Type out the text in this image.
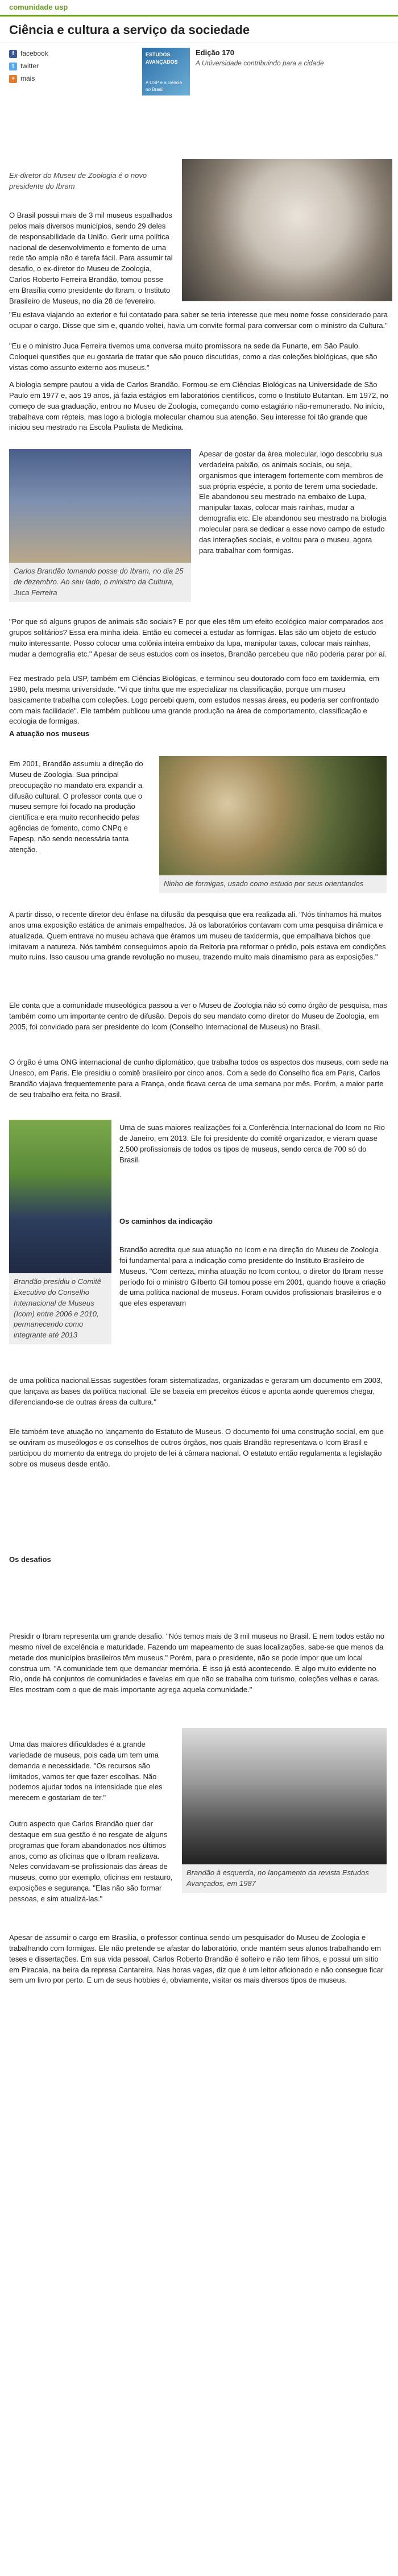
comunidade usp
Ciência e cultura a serviço da sociedade
f facebook
t twitter
+ mais
ESTUDOS AVANÇADOS
A USP e a ciência no Brasil
Edição 170
A Universidade contribuindo para a cidade
Ex-diretor do Museu de Zoologia é o novo presidente do Ibram

O Brasil possui mais de 3 mil museus espalhados pelos mais diversos municípios, sendo 29 deles de responsabilidade da União. Gerir uma política nacional de desenvolvimento e fomento de uma rede tão ampla não é tarefa fácil. Para assumir tal desafio, o ex-diretor do Museu de Zoologia, Carlos Roberto Ferreira Brandão, tomou posse em Brasília como presidente do Ibram, o Instituto Brasileiro de Museus, no dia 28 de fevereiro.

"Eu estava viajando ao exterior e fui contatado para saber se teria interesse que meu nome fosse considerado para ocupar o cargo. Disse que sim e, quando voltei, havia um convite formal para conversar com o ministro da Cultura."

"Eu e o ministro Juca Ferreira tivemos uma conversa muito promissora na sede da Funarte, em São Paulo. Coloquei questões que eu gostaria de tratar que são pouco discutidas, como a das coleções biológicas, que são vistas como assunto externo aos museus."

A biologia sempre pautou a vida de Carlos Brandão. Formou-se em Ciências Biológicas na Universidade de São Paulo em 1977 e, aos 19 anos, já fazia estágios em laboratórios científicos, como o Instituto Butantan. Em 1972, no começo de sua graduação, entrou no Museu de Zoologia, começando como estagiário não-remunerado. No início, trabalhava com répteis, mas logo a biologia molecular chamou sua atenção. Seu interesse foi tão grande que iniciou seu mestrado na Escola Paulista de Medicina.

Carlos Brandão tomando posse do Ibram, no dia 25 de dezembro. Ao seu lado, o ministro da Cultura, Juca Ferreira

Apesar de gostar da área molecular, logo descobriu sua verdadeira paixão, os animais sociais, ou seja, organismos que interagem fortemente com membros de sua própria espécie, a ponto de terem uma sociedade. Ele abandonou seu mestrado na embaixo de Lupa, manipular taxas, colocar mais rainhas, mudar a demografia etc. Ele abandonou seu mestrado na biologia molecular para se dedicar a esse novo campo de estudo das interações sociais, e voltou para o museu, agora para trabalhar com formigas.

"Por que só alguns grupos de animais são sociais? E por que eles têm um efeito ecológico maior comparados aos grupos solitários? Essa era minha ideia. Então eu comecei a estudar as formigas. Elas são um objeto de estudo muito interessante. Posso colocar uma colônia inteira embaixo da lupa, manipular taxas, colocar mais rainhas, mudar a demografia etc." Apesar de seus estudos com os insetos, Brandão percebeu que não poderia parar por aí.

Fez mestrado pela USP, também em Ciências Biológicas, e terminou seu doutorado com foco em taxidermia, em 1980, pela mesma universidade. "Vi que tinha que me especializar na classificação, porque um museu basicamente trabalha com coleções. Logo percebi quem, com estudos nessas áreas, eu poderia ser confrontado com mais facilidade". Ele também publicou uma grande produção na área de comportamento, classificação e ecologia de formigas.

A atuação nos museus

Em 2001, Brandão assumiu a direção do Museu de Zoologia. Sua principal preocupação no mandato era expandir a difusão cultural. O professor conta que o museu sempre foi focado na produção científica e era muito reconhecido pelas agências de fomento, como CNPq e Fapesp, não sendo necessária tanta atenção.

Ninho de formigas, usado como estudo por seus orientandos

A partir disso, o recente diretor deu ênfase na difusão da pesquisa que era realizada ali. "Nós tínhamos há muitos anos uma exposição estática de animais empalhados. Já os laboratórios contavam com uma pesquisa dinâmica e atualizada. Quem entrava no museu achava que éramos um museu de taxidermia, que empalhava bichos que imitavam a natureza. Nós também conseguimos apoio da Reitoria pra reformar o prédio, pois estava em condições muito ruins. Isso causou uma grande revolução no museu, trazendo muito mais dinamismo para as exposições."

Ele conta que a comunidade museológica passou a ver o Museu de Zoologia não só como órgão de pesquisa, mas também como um importante centro de difusão. Depois do seu mandato como diretor do Museu de Zoologia, em 2005, foi convidado para ser presidente do Icom (Conselho Internacional de Museus) no Brasil.

O órgão é uma ONG internacional de cunho diplomático, que trabalha todos os aspectos dos museus, com sede na Unesco, em Paris. Ele presidiu o comitê brasileiro por cinco anos. Com a sede do Conselho fica em Paris, Carlos Brandão viajava frequentemente para a França, onde ficava cerca de uma semana por mês. Porém, a maior parte de seu trabalho era feita no Brasil.

Brandão presidiu o Comitê Executivo do Conselho Internacional de Museus (Icom) entre 2006 e 2010, permanecendo como integrante até 2013

Uma de suas maiores realizações foi a Conferência Internacional do Icom no Rio de Janeiro, em 2013. Ele foi presidente do comitê organizador, e vieram quase 2.500 profissionais de todos os tipos de museus, sendo cerca de 700 só do Brasil.

Os caminhos da indicação

Brandão acredita que sua atuação no Icom e na direção do Museu de Zoologia foi fundamental para a indicação como presidente do Instituto Brasileiro de Museus. "Com certeza, minha atuação no Icom contou, o diretor do Ibram nesse período foi o ministro Gilberto Gil tomou posse em 2001, quando houve a criação de uma política nacional de museus. Foram ouvidos profissionais brasileiros e o que eles esperavam

de uma política nacional.Essas sugestões foram sistematizadas, organizadas e geraram um documento em 2003, que lançava as bases da política nacional. Ele se baseia em preceitos éticos e aponta aonde queremos chegar, diferenciando-se de outras áreas da cultura."

Ele também teve atuação no lançamento do Estatuto de Museus. O documento foi uma construção social, em que se ouviram os museólogos e os conselhos de outros órgãos, nos quais Brandão representava o Icom Brasil e participou do momento da entrega do projeto de lei à câmara nacional. O estatuto então regulamenta a legislação sobre os museus desde então.

Os desafios

Presidir o Ibram representa um grande desafio. "Nós temos mais de 3 mil museus no Brasil. E nem todos estão no mesmo nível de excelência e maturidade. Fazendo um mapeamento de suas localizações, sabe-se que menos da metade dos municípios brasileiros têm museus." Porém, para o presidente, não se pode impor que um local construa um. "A comunidade tem que demandar memória. É isso já está acontecendo. É algo muito evidente no Rio, onde há conjuntos de comunidades e favelas em que não se trabalha com turismo, coleções velhas e caras. Eles mostram com o que de mais importante agrega aquela comunidade."

Uma das maiores dificuldades é a grande variedade de museus, pois cada um tem uma demanda e necessidade. "Os recursos são limitados, vamos ter que fazer escolhas. Não podemos ajudar todos na intensidade que eles merecem e gostariam de ter."

Outro aspecto que Carlos Brandão quer dar destaque em sua gestão é no resgate de alguns programas que foram abandonados nos últimos anos, como as oficinas que o Ibram realizava. Neles convidavam-se profissionais das áreas de museus, como por exemplo, oficinas em restauro, exposições e segurança. "Elas não são formar pessoas, e sim atualizá-las."

Brandão à esquerda, no lançamento da revista Estudos Avançados, em 1987

Apesar de assumir o cargo em Brasília, o professor continua sendo um pesquisador do Museu de Zoologia e trabalhando com formigas. Ele não pretende se afastar do laboratório, onde mantém seus alunos trabalhando em teses e dissertações. Em sua vida pessoal, Carlos Roberto Brandão é solteiro e não tem filhos, e possui um sítio em Piracaia, na beira da represa Cantareira. Nas horas vagas, diz que é um leitor aficionado e não consegue ficar sem um livro por perto. E um de seus hobbies é, obviamente, visitar os mais diversos tipos de museus.
